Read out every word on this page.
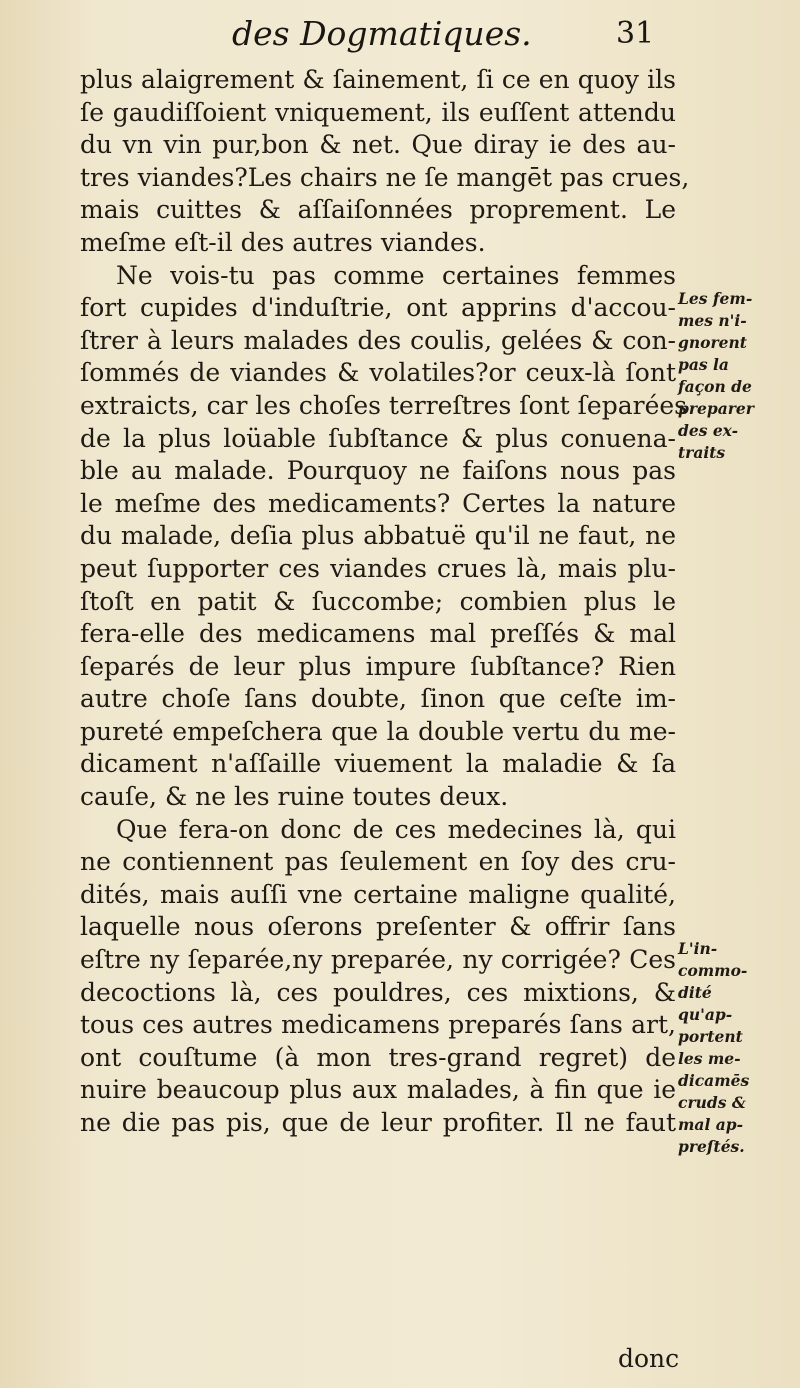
des Dogmatiques.	31
plus alaigrement & ſainement, ſi ce en quoy ils
ſe gaudiſſoient vniquement, ils euſſent attendu
du vn vin pur,bon & net. Que diray ie des au-
tres viandes?Les chairs ne ſe mangēt pas crues,
mais cuittes & aſſaiſonnées proprement. Le
meſme eſt-il des autres viandes.
Ne vois-tu pas comme certaines femmes
fort cupides d'induſtrie, ont apprins d'accou-
ſtrer à leurs malades des coulis, gelées & con-
ſommés de viandes & volatiles?or ceux-là ſont
extraicts, car les choſes terreſtres ſont ſeparées
de la plus loüable ſubſtance & plus conuena-
ble au malade. Pourquoy ne faiſons nous pas
le meſme des medicaments? Certes la nature
du malade, deſia plus abbatuë qu'il ne faut, ne
peut ſupporter ces viandes crues là, mais plu-
ſtoſt en patit & ſuccombe; combien plus le
fera-elle des medicamens mal preſſés & mal
ſeparés de leur plus impure ſubſtance? Rien
autre choſe ſans doubte, ſinon que ceſte im-
pureté empeſchera que la double vertu du me-
dicament n'aſſaille viuement la maladie & ſa
cauſe, & ne les ruine toutes deux.
Que fera-on donc de ces medecines là, qui
ne contiennent pas ſeulement en ſoy des cru-
dités, mais auſſi vne certaine maligne qualité,
laquelle nous oſerons preſenter & offrir ſans
eſtre ny ſeparée,ny preparée, ny corrigée? Ces
decoctions là, ces pouldres, ces mixtions, &
tous ces autres medicamens preparés ſans art,
ont couſtume (à mon tres-grand regret) de
nuire beaucoup plus aux malades, à fin que ie
ne die pas pis, que de leur profiter. Il ne faut
donc
Les fem-
mes n'i-
gnorent
pas la
façon de
preparer
des ex-
traits
L'in-
commo-
dité
qu'ap-
portent
les me-
dicamēs
cruds &
mal ap-
preſtés.
